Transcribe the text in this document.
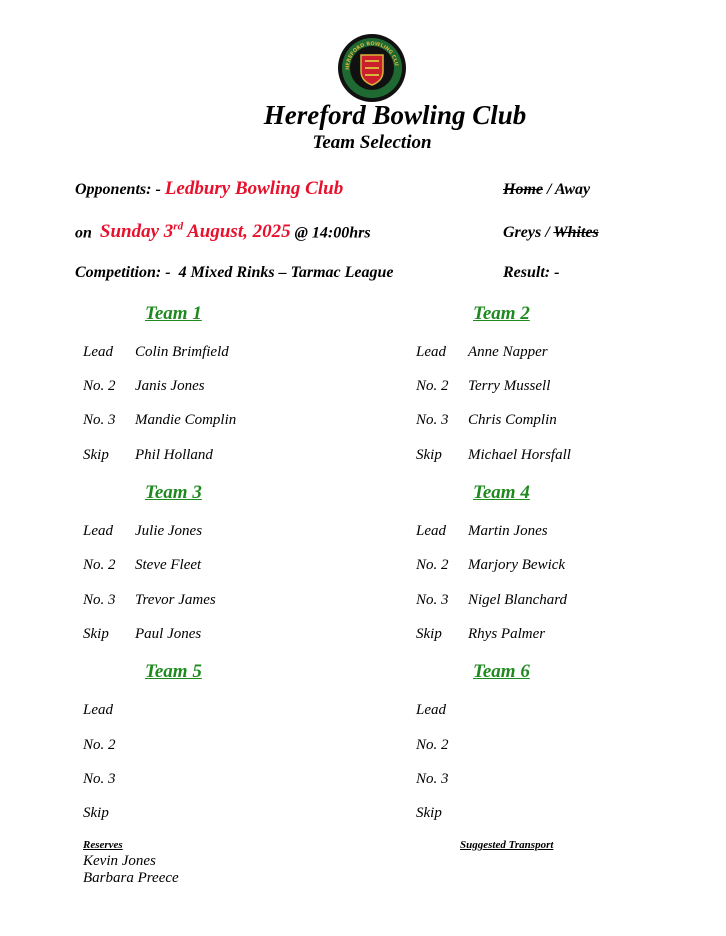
HEREFORD BOWLING CLU
Hereford Bowling Club
Team Selection
Opponents: - Ledbury Bowling Club	Home / Away
on Sunday 3rd August, 2025 @ 14:00hrs	Greys / Whites
Competition: - 4 Mixed Rinks – Tarmac League	Result: -
Team 1
Lead Colin Brimfield
No. 2 Janis Jones
No. 3 Mandie Complin
Skip Phil Holland
Team 2
Lead Anne Napper
No. 2 Terry Mussell
No. 3 Chris Complin
Skip Michael Horsfall
Team 3
Lead Julie Jones
No. 2 Steve Fleet
No. 3 Trevor James
Skip Paul Jones
Team 4
Lead Martin Jones
No. 2 Marjory Bewick
No. 3 Nigel Blanchard
Skip Rhys Palmer
Team 5
Lead
No. 2
No. 3
Skip
Team 6
Lead
No. 2
No. 3
Skip
Reserves
Kevin Jones
Barbara Preece
Suggested Transport
